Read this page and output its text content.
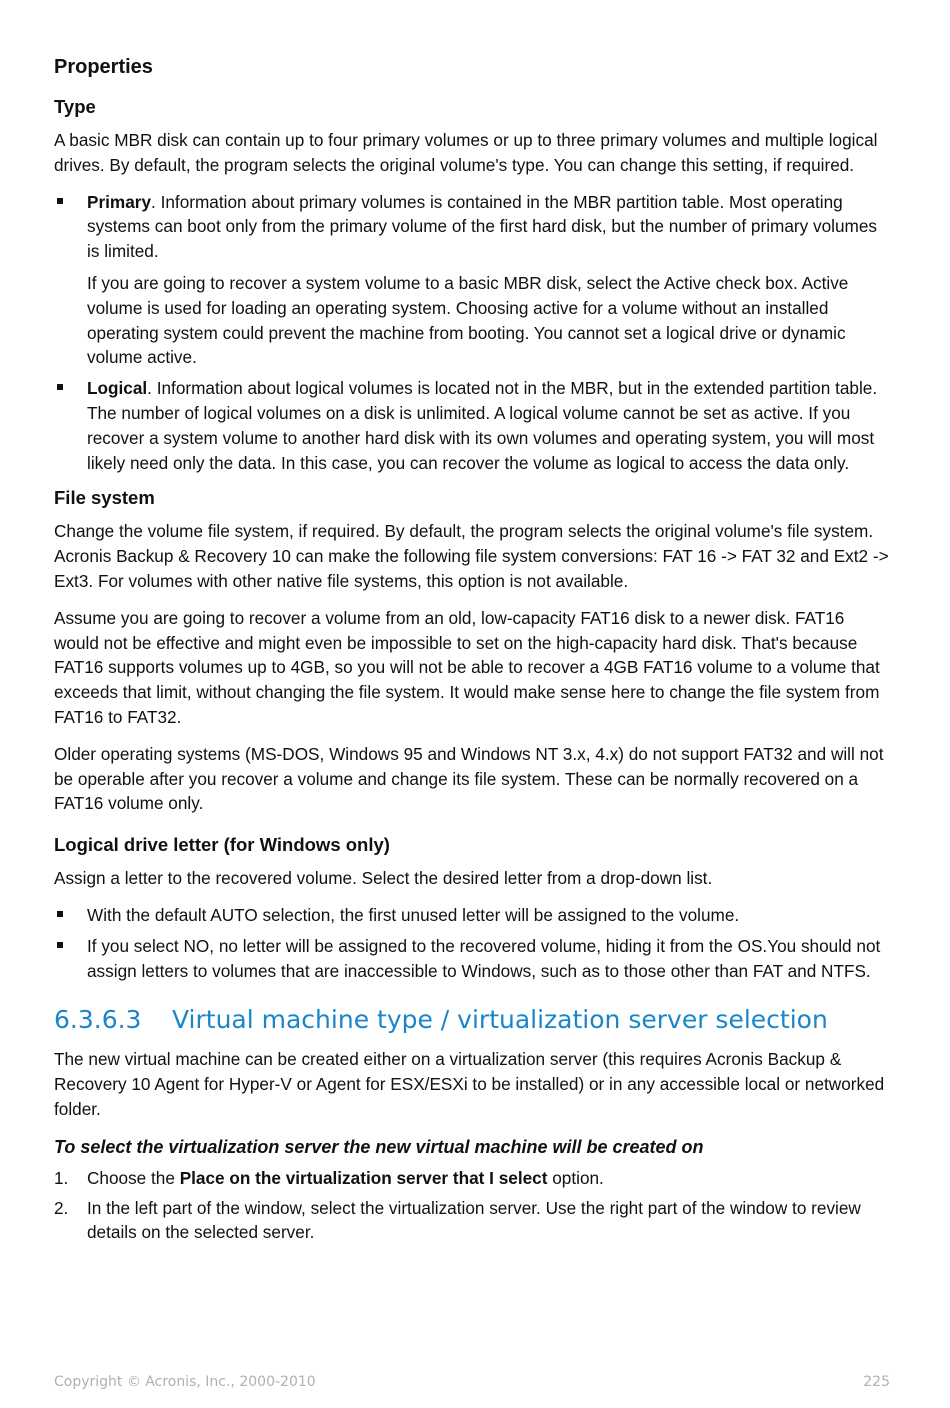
Properties
Type

A basic MBR disk can contain up to four primary volumes or up to three primary volumes and multiple logical drives. By default, the program selects the original volume's type. You can change this setting, if required.

Primary. Information about primary volumes is contained in the MBR partition table. Most operating systems can boot only from the primary volume of the first hard disk, but the number of primary volumes is limited.

If you are going to recover a system volume to a basic MBR disk, select the Active check box. Active volume is used for loading an operating system. Choosing active for a volume without an installed operating system could prevent the machine from booting. You cannot set a logical drive or dynamic volume active.

Logical. Information about logical volumes is located not in the MBR, but in the extended partition table. The number of logical volumes on a disk is unlimited. A logical volume cannot be set as active. If you recover a system volume to another hard disk with its own volumes and operating system, you will most likely need only the data. In this case, you can recover the volume as logical to access the data only.

File system

Change the volume file system, if required. By default, the program selects the original volume's file system. Acronis Backup & Recovery 10 can make the following file system conversions: FAT 16 -> FAT 32 and Ext2 -> Ext3. For volumes with other native file systems, this option is not available.

Assume you are going to recover a volume from an old, low-capacity FAT16 disk to a newer disk. FAT16 would not be effective and might even be impossible to set on the high-capacity hard disk. That's because FAT16 supports volumes up to 4GB, so you will not be able to recover a 4GB FAT16 volume to a volume that exceeds that limit, without changing the file system. It would make sense here to change the file system from FAT16 to FAT32.

Older operating systems (MS-DOS, Windows 95 and Windows NT 3.x, 4.x) do not support FAT32 and will not be operable after you recover a volume and change its file system. These can be normally recovered on a FAT16 volume only.

Logical drive letter (for Windows only)

Assign a letter to the recovered volume. Select the desired letter from a drop-down list.

With the default AUTO selection, the first unused letter will be assigned to the volume.
If you select NO, no letter will be assigned to the recovered volume, hiding it from the OS.You should not assign letters to volumes that are inaccessible to Windows, such as to those other than FAT and NTFS.
6.3.6.3 Virtual machine type / virtualization server selection

The new virtual machine can be created either on a virtualization server (this requires Acronis Backup & Recovery 10 Agent for Hyper-V or Agent for ESX/ESXi to be installed) or in any accessible local or networked folder.

To select the virtualization server the new virtual machine will be created on
1. Choose the Place on the virtualization server that I select option.
2. In the left part of the window, select the virtualization server. Use the right part of the window to review details on the selected server.
Copyright © Acronis, Inc., 2000-2010	225
